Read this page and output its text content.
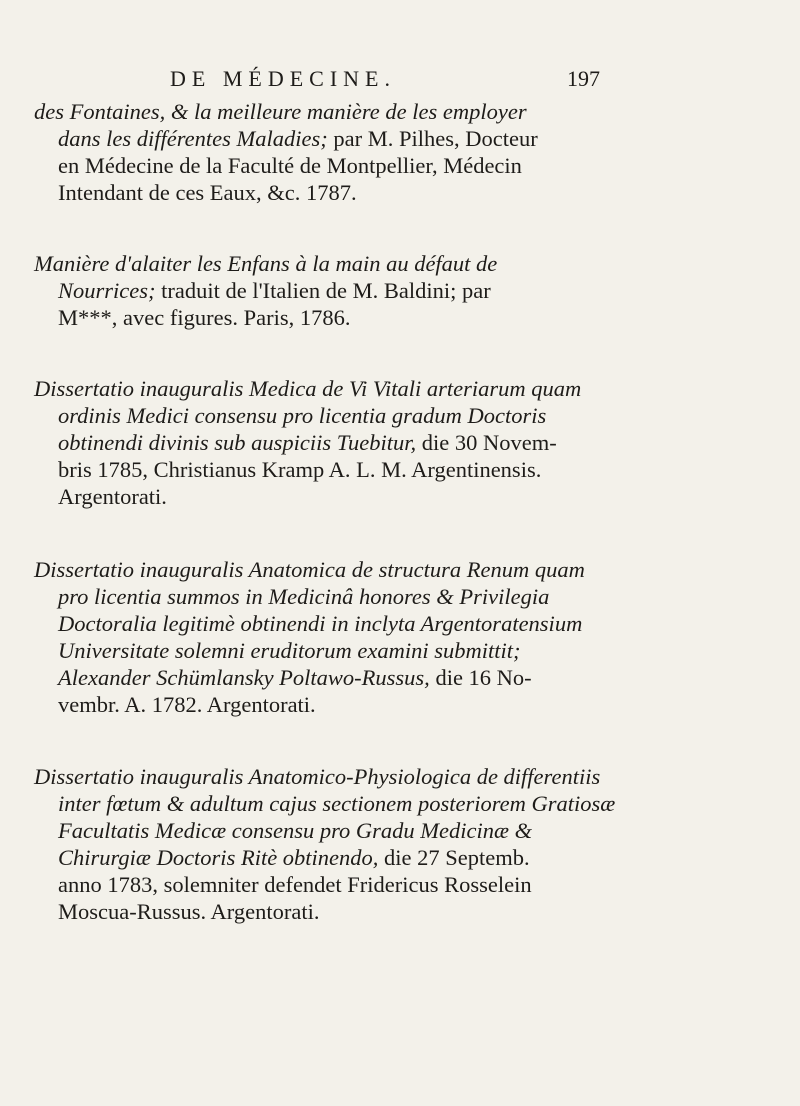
DE MÉDECINE.	197
des Fontaines, & la meilleure manière de les employer
dans les différentes Maladies; par M. Pilhes, Docteur
en Médecine de la Faculté de Montpellier, Médecin
Intendant de ces Eaux, &c. 1787.
Manière d'alaiter les Enfans à la main au défaut de
Nourrices; traduit de l'Italien de M. Baldini; par
M***, avec figures. Paris, 1786.
Dissertatio inauguralis Medica de Vi Vitali arteriarum quam
ordinis Medici consensu pro licentia gradum Doctoris
obtinendi divinis sub auspiciis Tuebitur, die 30 Novem-
bris 1785, Christianus Kramp A. L. M. Argentinensis.
Argentorati.
Dissertatio inauguralis Anatomica de structura Renum quam
pro licentia summos in Medicinâ honores & Privilegia
Doctoralia legitimè obtinendi in inclyta Argentoratensium
Universitate solemni eruditorum examini submittit;
Alexander Schümlansky Poltawo-Russus, die 16 No-
vembr. A. 1782. Argentorati.
Dissertatio inauguralis Anatomico-Physiologica de differentiis
inter fœtum & adultum cajus sectionem posteriorem Gratiosæ
Facultatis Medicæ consensu pro Gradu Medicinæ &
Chirurgiæ Doctoris Ritè obtinendo, die 27 Septemb.
anno 1783, solemniter defendet Fridericus Rosselein
Moscua-Russus. Argentorati.
